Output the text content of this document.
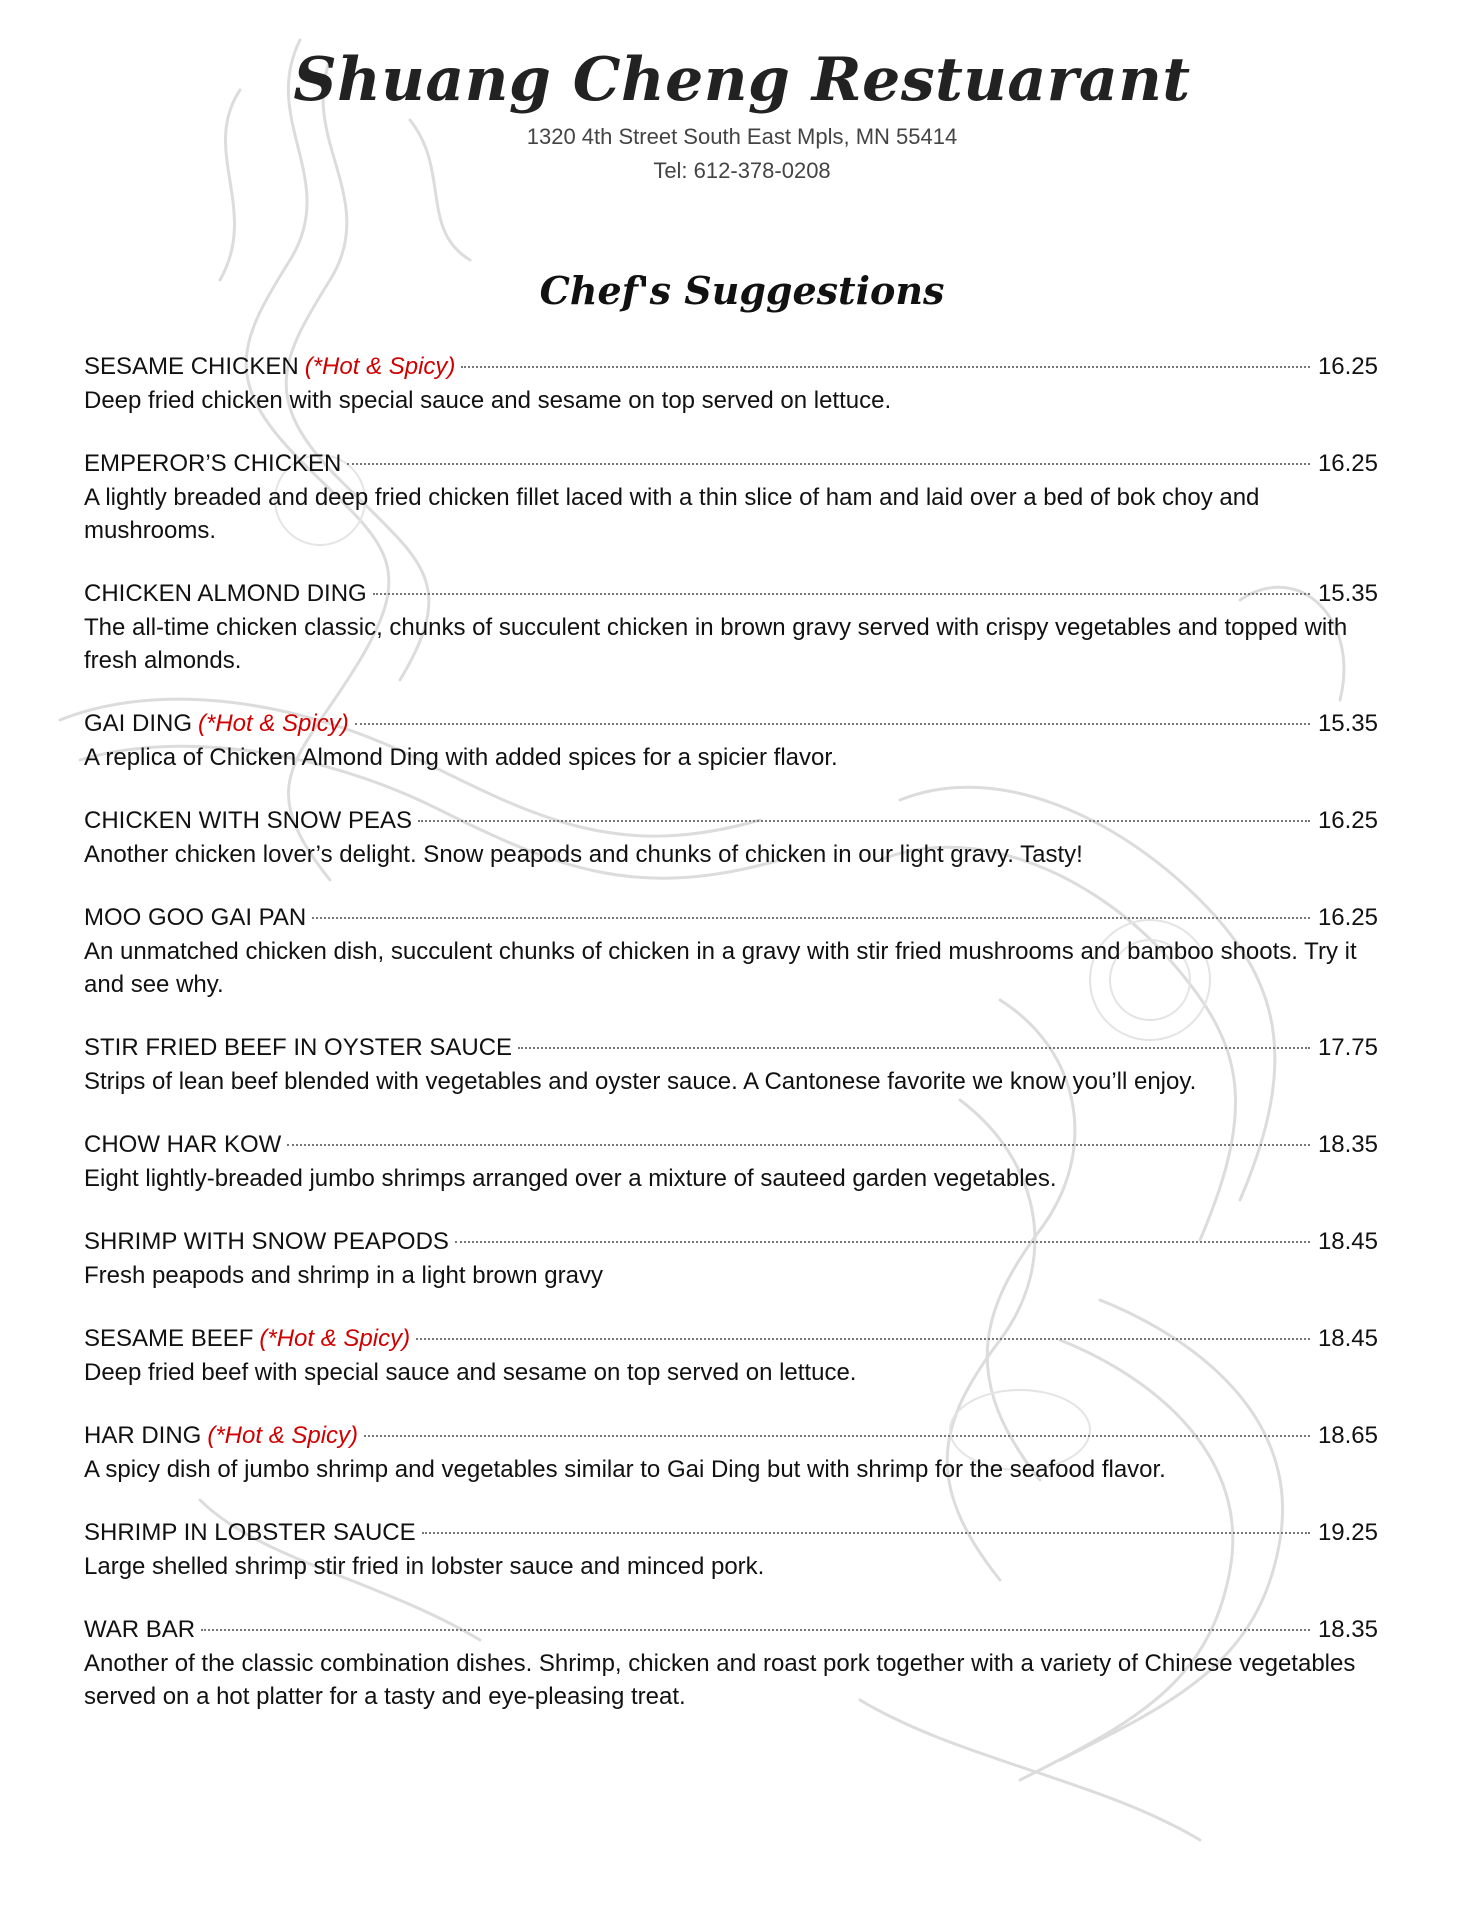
Shuang Cheng Restuarant

1320 4th Street South East Mpls, MN 55414

Tel: 612-378-0208

Chef's Suggestions
SESAME CHICKEN (*Hot & Spicy)	16.25

Deep fried chicken with special sauce and sesame on top served on lettuce.

EMPEROR’S CHICKEN	16.25

A lightly breaded and deep fried chicken fillet laced with a thin slice of ham and laid over a bed of bok choy and mushrooms.

CHICKEN ALMOND DING	15.35

The all-time chicken classic, chunks of succulent chicken in brown gravy served with crispy vegetables and topped with fresh almonds.

GAI DING (*Hot & Spicy)	15.35

A replica of Chicken Almond Ding with added spices for a spicier flavor.

CHICKEN WITH SNOW PEAS	16.25

Another chicken lover’s delight. Snow peapods and chunks of chicken in our light gravy. Tasty!

MOO GOO GAI PAN	16.25

An unmatched chicken dish, succulent chunks of chicken in a gravy with stir fried mushrooms and bamboo shoots. Try it and see why.

STIR FRIED BEEF IN OYSTER SAUCE	17.75

Strips of lean beef blended with vegetables and oyster sauce. A Cantonese favorite we know you’ll enjoy.

CHOW HAR KOW	18.35

Eight lightly-breaded jumbo shrimps arranged over a mixture of sauteed garden vegetables.

SHRIMP WITH SNOW PEAPODS	18.45

Fresh peapods and shrimp in a light brown gravy

SESAME BEEF (*Hot & Spicy)	18.45

Deep fried beef with special sauce and sesame on top served on lettuce.

HAR DING (*Hot & Spicy)	18.65

A spicy dish of jumbo shrimp and vegetables similar to Gai Ding but with shrimp for the seafood flavor.

SHRIMP IN LOBSTER SAUCE	19.25

Large shelled shrimp stir fried in lobster sauce and minced pork.

WAR BAR	18.35

Another of the classic combination dishes. Shrimp, chicken and roast pork together with a variety of Chinese vegetables served on a hot platter for a tasty and eye-pleasing treat.
